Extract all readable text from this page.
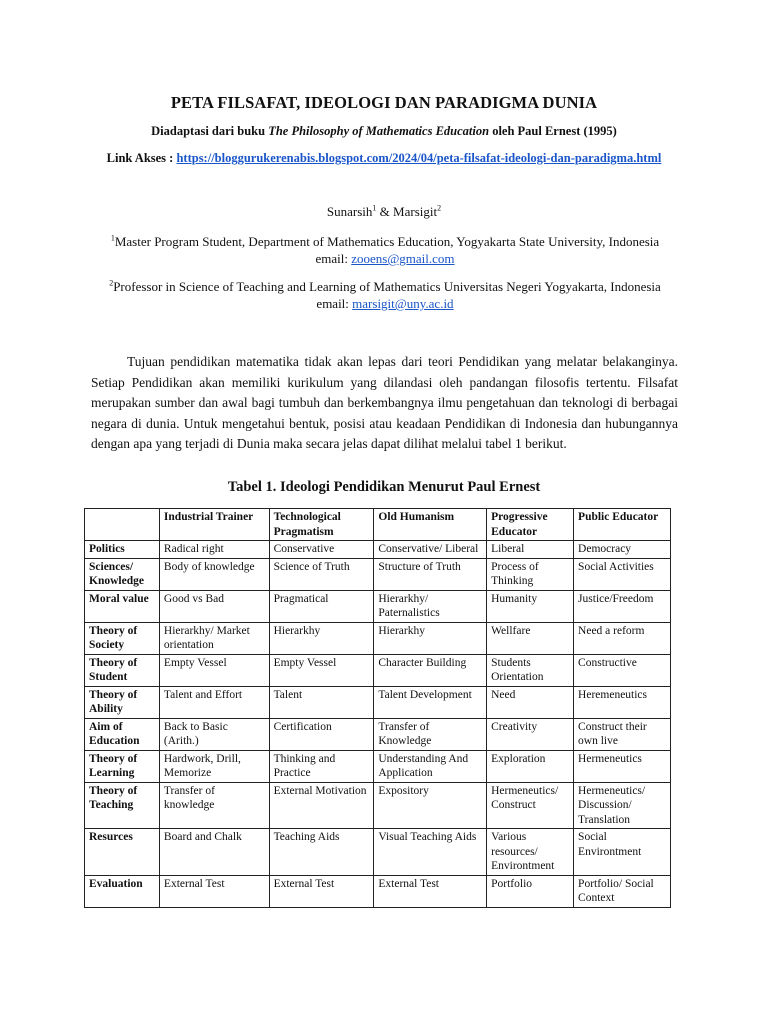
PETA FILSAFAT, IDEOLOGI DAN PARADIGMA DUNIA
Diadaptasi dari buku The Philosophy of Mathematics Education oleh Paul Ernest (1995)
Link Akses : https://bloggurukerenabis.blogspot.com/2024/04/peta-filsafat-ideologi-dan-paradigma.html
Sunarsih$^1$ & Marsigit$^2$
$^1$Master Program Student, Department of Mathematics Education, Yogyakarta State University, Indonesia
email: zooens@gmail.com
$^2$Professor in Science of Teaching and Learning of Mathematics Universitas Negeri Yogyakarta, Indonesia
email: marsigit@uny.ac.id
Tujuan pendidikan matematika tidak akan lepas dari teori Pendidikan yang melatar belakanginya. Setiap Pendidikan akan memiliki kurikulum yang dilandasi oleh pandangan filosofis tertentu. Filsafat merupakan sumber dan awal bagi tumbuh dan berkembangnya ilmu pengetahuan dan teknologi di berbagai negara di dunia. Untuk mengetahui bentuk, posisi atau keadaan Pendidikan di Indonesia dan hubungannya dengan apa yang terjadi di Dunia maka secara jelas dapat dilihat melalui tabel 1 berikut.
Tabel 1. Ideologi Pendidikan Menurut Paul Ernest
	Industrial Trainer	Technological Pragmatism	Old Humanism	Progressive Educator	Public Educator
Politics	Radical right	Conservative	Conservative/ Liberal	Liberal	Democracy
Sciences/ Knowledge	Body of knowledge	Science of Truth	Structure of Truth	Process of Thinking	Social Activities
Moral value	Good vs Bad	Pragmatical	Hierarkhy/ Paternalistics	Humanity	Justice/Freedom
Theory of Society	Hierarkhy/ Market orientation	Hierarkhy	Hierarkhy	Wellfare	Need a reform
Theory of Student	Empty Vessel	Empty Vessel	Character Building	Students Orientation	Constructive
Theory of Ability	Talent and Effort	Talent	Talent Development	Need	Heremeneutics
Aim of Education	Back to Basic (Arith.)	Certification	Transfer of Knowledge	Creativity	Construct their own live
Theory of Learning	Hardwork, Drill, Memorize	Thinking and Practice	Understanding And Application	Exploration	Hermeneutics
Theory of Teaching	Transfer of knowledge	External Motivation	Expository	Hermeneutics/ Construct	Hermeneutics/ Discussion/ Translation
Resurces	Board and Chalk	Teaching Aids	Visual Teaching Aids	Various resources/ Environtment	Social Environtment
Evaluation	External Test	External Test	External Test	Portfolio	Portfolio/ Social Context
